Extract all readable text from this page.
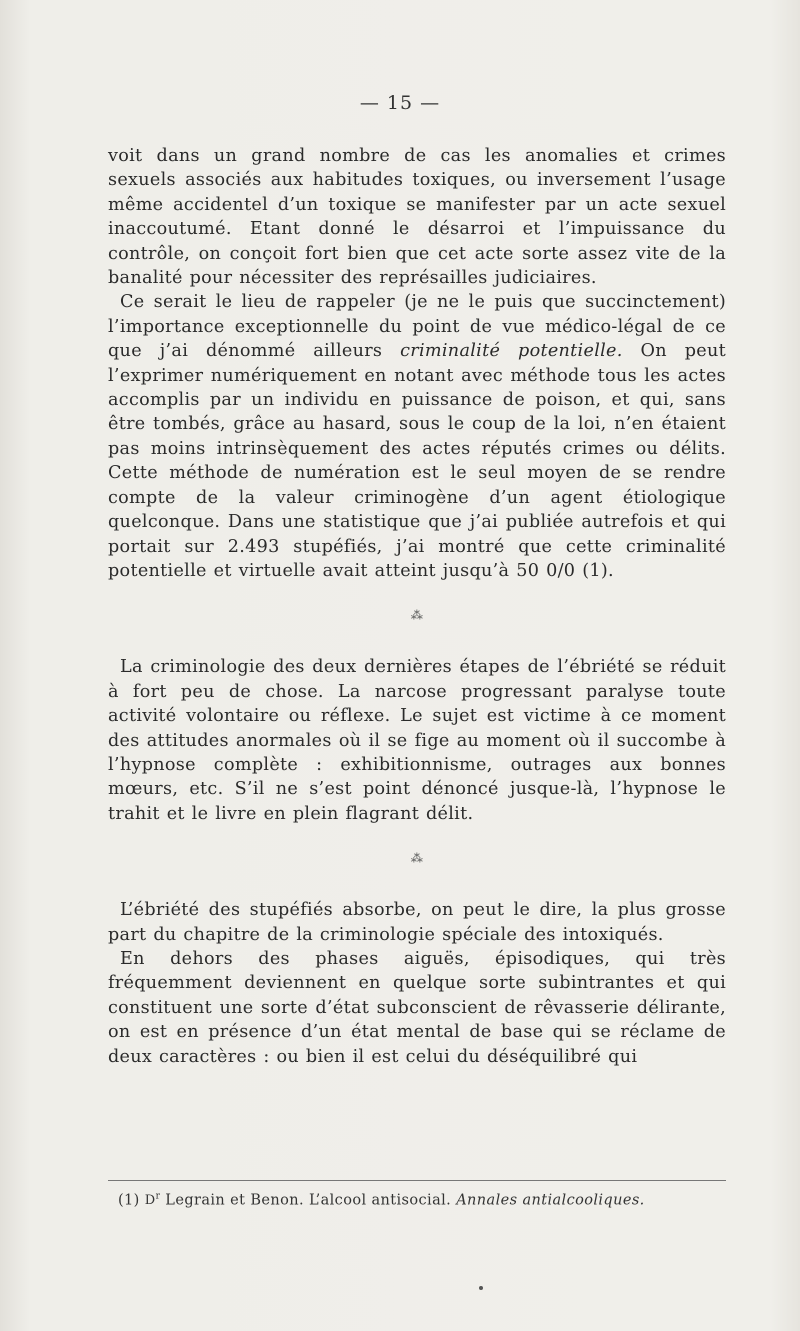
— 15 —

voit dans un grand nombre de cas les anomalies et crimes sexuels associés aux habitudes toxiques, ou inversement l’usage même accidentel d’un toxique se manifester par un acte sexuel inaccoutumé. Etant donné le désarroi et l’impuissance du contrôle, on conçoit fort bien que cet acte sorte assez vite de la banalité pour nécessiter des représailles judiciaires.

Ce serait le lieu de rappeler (je ne le puis que succinctement) l’importance exceptionnelle du point de vue médico-légal de ce que j’ai dénommé ailleurs criminalité potentielle. On peut l’exprimer numériquement en notant avec méthode tous les actes accomplis par un individu en puissance de poison, et qui, sans être tombés, grâce au hasard, sous le coup de la loi, n’en étaient pas moins intrinsèquement des actes réputés crimes ou délits. Cette méthode de numération est le seul moyen de se rendre compte de la valeur criminogène d’un agent étiologique quelconque. Dans une statistique que j’ai publiée autrefois et qui portait sur 2.493 stupéfiés, j’ai montré que cette criminalité potentielle et virtuelle avait atteint jusqu’à 50 0/0 (1).

⁂

La criminologie des deux dernières étapes de l’ébriété se réduit à fort peu de chose. La narcose progressant paralyse toute activité volontaire ou réflexe. Le sujet est victime à ce moment des attitudes anormales où il se fige au moment où il succombe à l’hypnose complète : exhibitionnisme, outrages aux bonnes mœurs, etc. S’il ne s’est point dénoncé jusque-là, l’hypnose le trahit et le livre en plein flagrant délit.

⁂

L’ébriété des stupéfiés absorbe, on peut le dire, la plus grosse part du chapitre de la criminologie spéciale des intoxiqués.

En dehors des phases aiguës, épisodiques, qui très fréquemment deviennent en quelque sorte subintrantes et qui constituent une sorte d’état subconscient de rêvasserie délirante, on est en présence d’un état mental de base qui se réclame de deux caractères : ou bien il est celui du déséquilibré qui

(1) $D^r$ Legrain et Benon. L’alcool antisocial. Annales antialcooliques.
